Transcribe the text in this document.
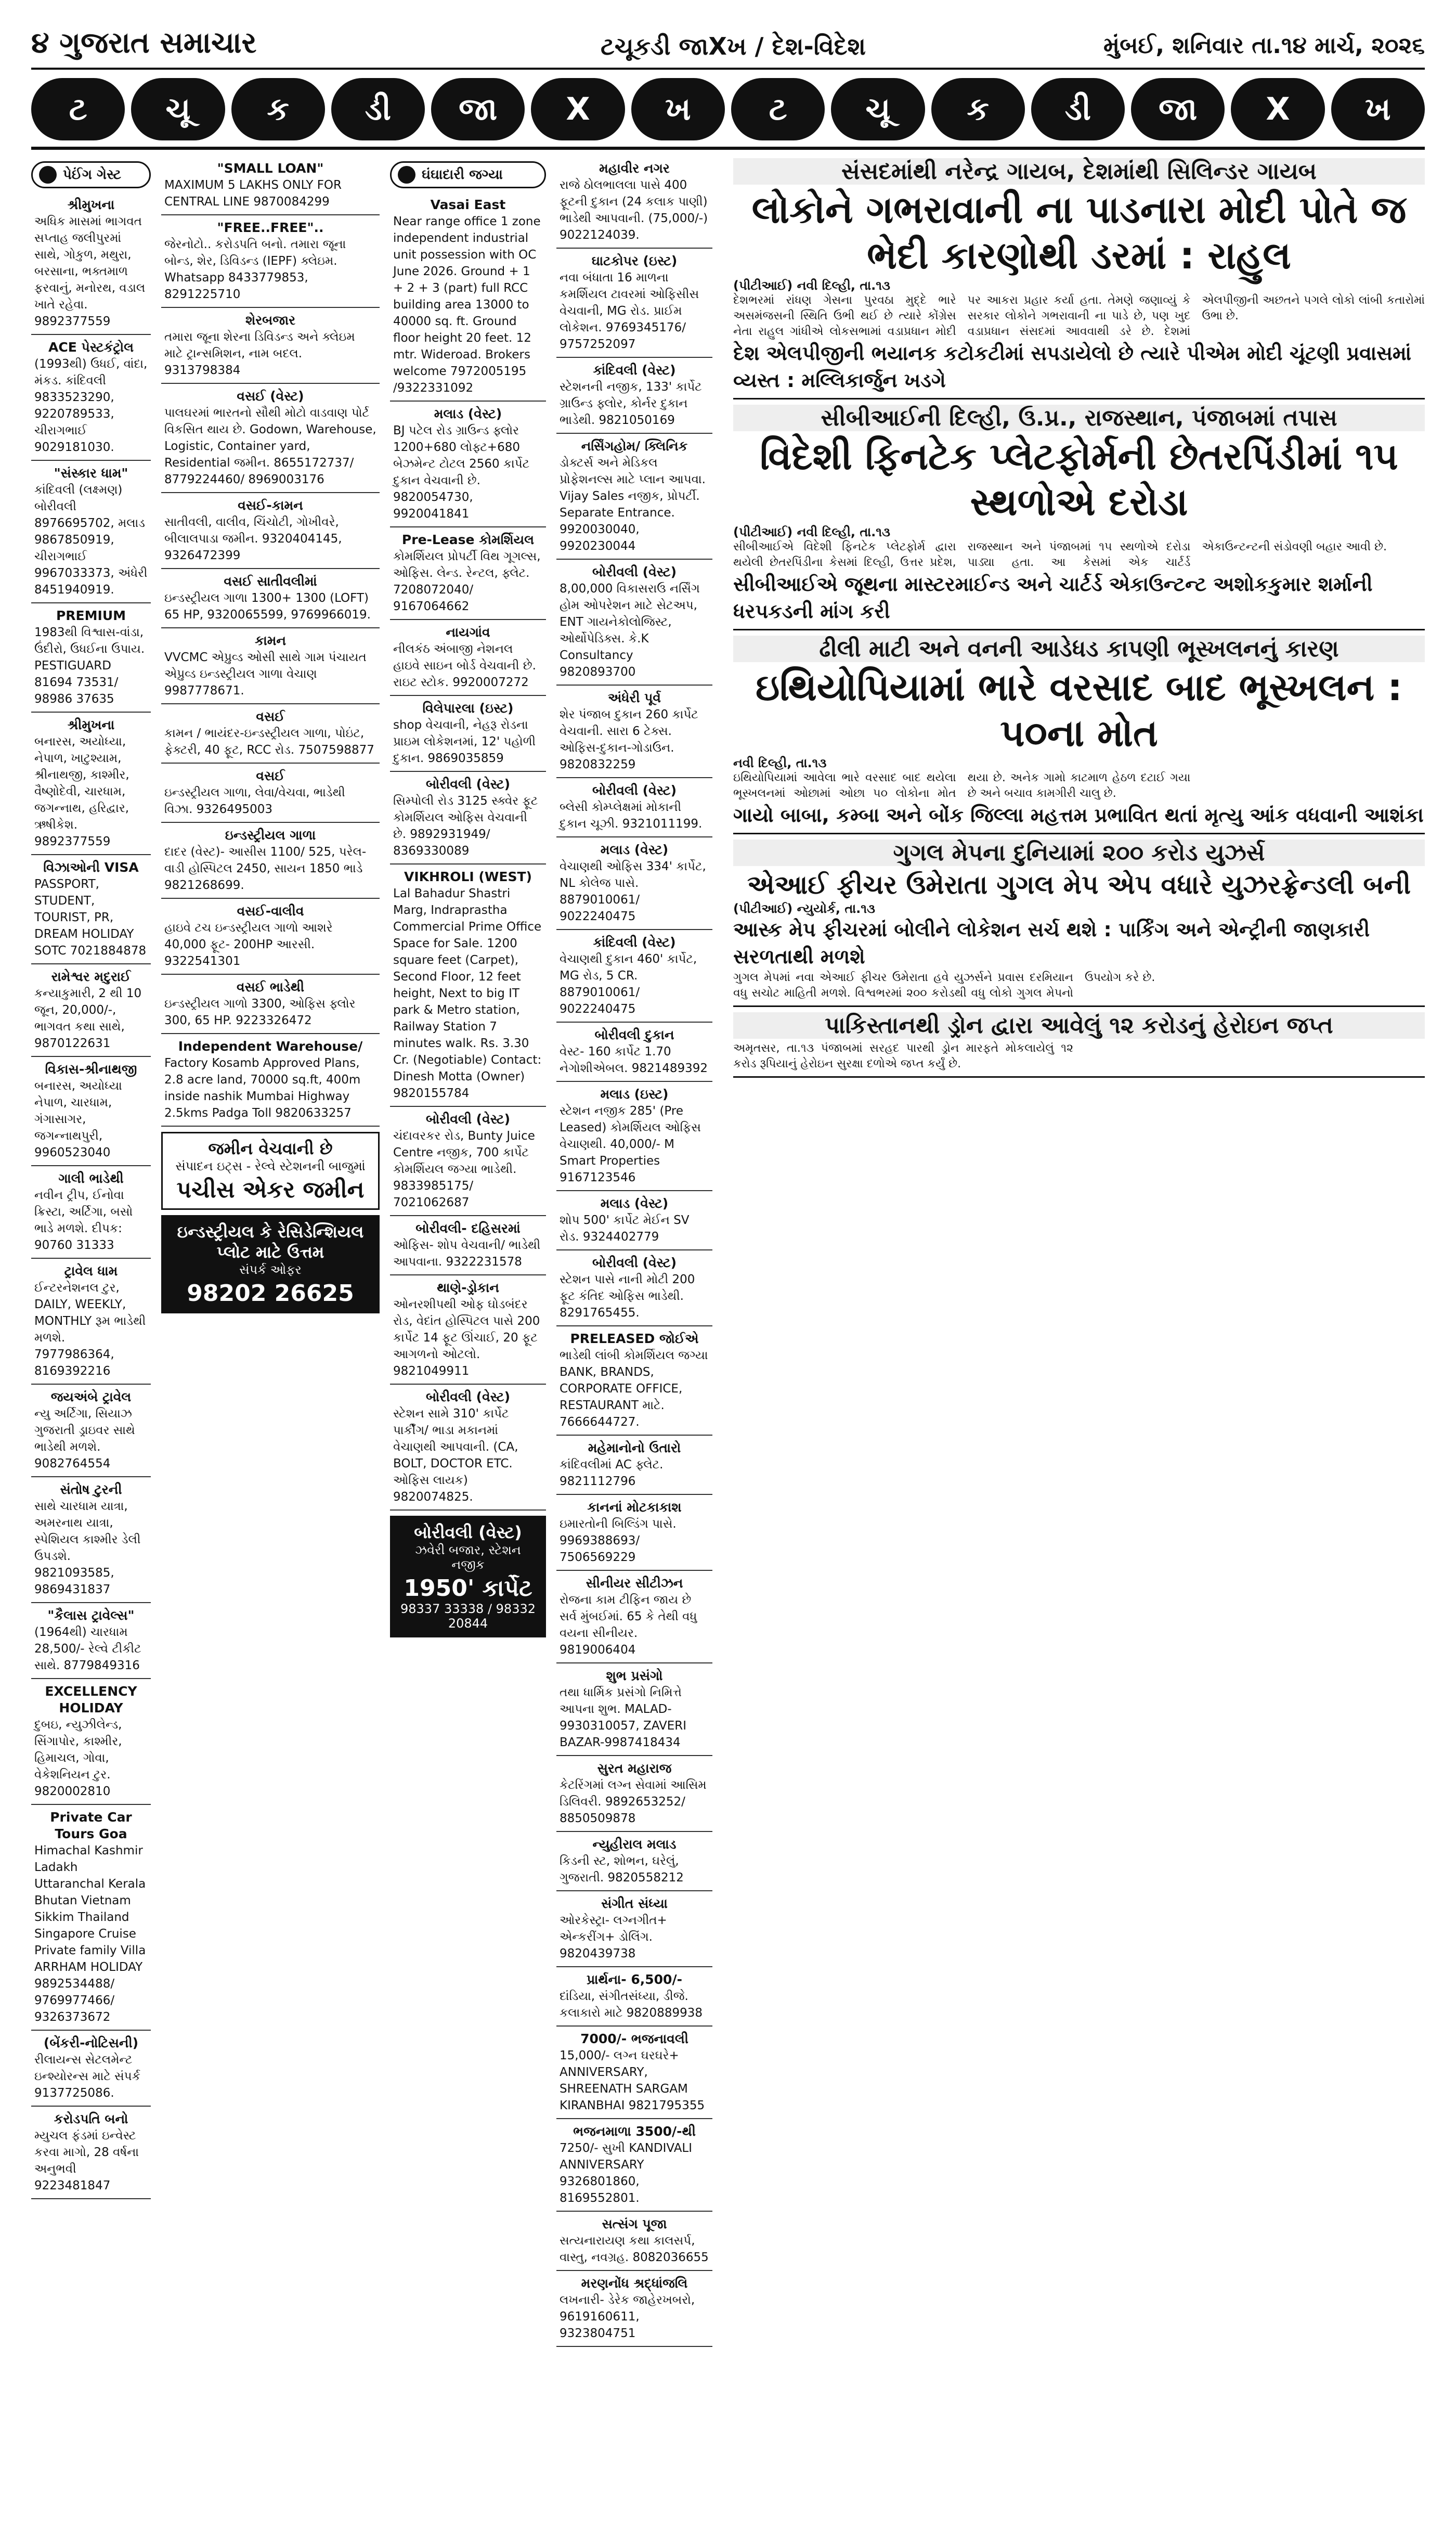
૪ ગુજરાત સમાચાર	ટચૂકડી જાXખ / દેશ-વિદેશ	મુંબઈ, શનિવાર તા.૧૪ માર્ચ, ૨૦૨૬
ટ	ચૂ	ક	ડી	જા	X	ખ	ટ	ચૂ	ક	ડી	જા	X	ખ
પેઈંગ ગેસ્ટ
શ્રીમુખના
અધિક માસમાં ભાગવત સપ્તાહ જલીપુરમાં સાથે, ગોકુળ, મથુરા, બરસાના, ભક્તમાળ ફરવાનું, મનોરથ, વડાલ ખાતે રહેવા. 9892377559
ACE પેસ્ટકંટ્રોલ
(1993થી) ઉધઈ, વાંદા, મંકડ. કાંદિવલી 9833523290, 9220789533, ચીરાગભાઈ 9029181030.
"સંસ્કાર ધામ"
કાંદિવલી (લક્ષ્મણ) બોરીવલી 8976695702, મલાડ 9867850919, ચીરાગભાઈ 9967033373, અંધેરી 8451940919.
PREMIUM
1983થી વિશ્વાસ-વાંડા, ઉંદીરો, ઉધઈના ઉપાય. PESTIGUARD 81694 73531/ 98986 37635
શ્રીમુખના
બનારસ, અયોધ્યા, નેપાળ, ખાટુશ્યામ, શ્રીનાથજી, કાશ્મીર, વૈષ્ણોદેવી, ચારધામ, જગન્નાથ, હરિદ્વાર, ઋષીકેશ. 9892377559
વિઝાઓની VISA
PASSPORT, STUDENT, TOURIST, PR, DREAM HOLIDAY SOTC 7021884878
રામેશ્વર મદુરાઈ
કન્યાકુમારી, 2 થી 10 જૂન, 20,000/-, ભાગવત કથા સાથે, 9870122631
વિકાસ-શ્રીનાથજી
બનારસ, અયોધ્યા નેપાળ, ચારધામ, ગંગાસાગર, જગન્નાથપુરી, 9960523040
ગાલી ભાડેથી
નવીન ટ્રીપ, ઈનોવા ક્રિસ્ટા, અર્ટિગા, બસો ભાડે મળશે. દીપક: 90760 31333
ટ્રાવેલ ધામ
ઈન્ટરનેશનલ ટુર, DAILY, WEEKLY, MONTHLY રૂમ ભાડેથી મળશે. 7977986364, 8169392216
જયઅંબે ટ્રાવેલ
ન્યુ અર્ટિગા, સિયાઝ ગુજરાતી ડ્રાઇવર સાથે ભાડેથી મળશે. 9082764554
સંતોષ ટુરની
સાથે ચારધામ યાત્રા, અમરનાથ યાત્રા, સ્પેશિયલ કાશ્મીર ડેલી ઉપડશે. 9821093585, 9869431837
"કૈલાસ ટ્રાવેલ્સ"
(1964થી) ચારધામ 28,500/- રેલ્વે ટીકીટ સાથે. 8779849316
EXCELLENCY HOLIDAY
દુબઇ, ન્યુઝીલેન્ડ, સિંગાપોર, કાશ્મીર, હિમાચલ, ગોવા, વેકેશનિયન ટુર. 9820002810
Private Car Tours Goa
Himachal Kashmir Ladakh Uttaranchal Kerala Bhutan Vietnam Sikkim Thailand Singapore Cruise Private family Villa ARRHAM HOLIDAY 9892534488/ 9769977466/ 9326373672
(બેંકરી-નોટિસની)
રીલાયન્સ સેટલમેન્ટ ઇન્શ્યોરન્સ માટે સંપર્ક 9137725086.
કરોડપતિ બનો
મ્યુચલ ફંડમાં ઇન્વેસ્ટ કરવા માગો, 28 વર્ષના અનુભવી 9223481847
"SMALL LOAN"
MAXIMUM 5 LAKHS ONLY FOR CENTRAL LINE 9870084299
"FREE..FREE"..
જેરનોટો.. કરોડપતિ બનો. તમારા જૂના બોન્ડ, શેર, ડિવિડન્ડ (IEPF) ક્લેઇમ. Whatsapp 8433779853, 8291225710
શેરબજાર
તમારા જૂના શેરના ડિવિડન્ડ અને ક્લેઇમ માટે ટ્રાન્સમિશન, નામ બદલ. 9313798384
વસઈ (વેસ્ટ)
પાલઘરમાં ભારતનો સૌથી મોટો વાડવાણ પોર્ટ વિકસિત થાય છે. Godown, Warehouse, Logistic, Container yard, Residential જમીન. 8655172737/ 8779224460/ 8969003176
વસઈ-કામન
સાતીવલી, વાલીવ, ચિંચોટી, ગોખીવરે, બીલાલપાડા જમીન. 9320404145, 9326472399
વસઈ સાતીવલીમાં
ઇન્ડસ્ટ્રીયલ ગાળા 1300+ 1300 (LOFT) 65 HP, 9320065599, 9769966019.
કામન
VVCMC એપ્રુવ્ડ ઓસી સાથે ગામ પંચાયત એપ્રુવ્ડ ઇન્ડસ્ટ્રીયલ ગાળા વેચાણ 9987778671.
વસઈ
કામન / ભાયંદર-ઇન્ડસ્ટ્રીયલ ગાળા, પોઇંટ, ફેક્ટરી, 40 ફૂટ, RCC રોડ. 7507598877
વસઈ
ઇન્ડસ્ટ્રીયલ ગાળા, લેવા/વેચવા, ભાડેથી વિઝા. 9326495003
ઇન્ડસ્ટ્રીયલ ગાળા
દાદર (વેસ્ટ)- આસીસ 1100/ 525, પરેલ- વાડી હોસ્પિટલ 2450, સાયન 1850 ભાડે 9821268699.
વસઈ-વાલીવ
હાઇવે ટચ ઇન્ડસ્ટ્રીયલ ગાળો આશરે 40,000 ફૂટ- 200HP આરસી. 9322541301
વસઈ ભાડેથી
ઇન્ડસ્ટ્રીયલ ગાળો 3300, ઓફિસ ફ્લોર 300, 65 HP. 9223326472
Independent Warehouse/
Factory Kosamb Approved Plans, 2.8 acre land, 70000 sq.ft, 400m inside nashik Mumbai Highway 2.5kms Padga Toll 9820633257
જમીન વેચવાની છે
સંપાદન ઇટ્સ - રેલ્વે સ્ટેશનની બાજુમાં
પચીસ એકર જમીન
ઇન્ડસ્ટ્રીયલ કે રેસિડેન્શિયલ પ્લોટ માટે ઉત્તમ
સંપર્ક ઓફર
98202 26625
ઘંઘાદારી જગ્યા
Vasai East
Near range office 1 zone independent industrial unit possession with OC June 2026. Ground + 1 + 2 + 3 (part) full RCC building area 13000 to 40000 sq. ft. Ground floor height 20 feet. 12 mtr. Wideroad. Brokers welcome 7972005195 /9322331092
મલાડ (વેસ્ટ)
BJ પટેલ રોડ ગ્રાઉન્ડ ફ્લોર 1200+680 લોફ્ટ+680 બેઝમેન્ટ ટોટલ 2560 કાર્પેટ દુકાન વેચવાની છે. 9820054730, 9920041841
Pre-Lease કોમર્શિયલ
કોમર્શિયલ પ્રોપર્ટી વિથ ગૂગલ્સ, ઓફિસ. લેન્ડ. રેન્ટલ, ફ્લેટ. 7208072040/ 9167064662
નાયગાંવ
નીલકંઠ અંબાજી નેશનલ હાઇવે સાઇન બોર્ડ વેચવાની છે. રાઇટ સ્ટોક. 9920007272
વિલેપારલા (ઇસ્ટ)
shop વેચવાની, નેહરૂ રોડના પ્રાઇમ લોકેશનમાં, 12' પહોળી દુકાન. 9869035859
બોરીવલી (વેસ્ટ)
સિમ્પોલી રોડ 3125 સ્ક્વેર ફૂટ કોમર્શિયલ ઓફિસ વેચવાની છે. 9892931949/ 8369330089
VIKHROLI (WEST)
Lal Bahadur Shastri Marg, Indraprastha Commercial Prime Office Space for Sale. 1200 square feet (Carpet), Second Floor, 12 feet height, Next to big IT park & Metro station, Railway Station 7 minutes walk. Rs. 3.30 Cr. (Negotiable) Contact: Dinesh Motta (Owner) 9820155784
બોરીવલી (વેસ્ટ)
ચંદાવરકર રોડ, Bunty Juice Centre નજીક, 700 કાર્પેટ કોમર્શિયલ જગ્યા ભાડેથી. 9833985175/ 7021062687
બોરીવલી- દહિસરમાં
ઓફિસ- શોપ વેચવાની/ ભાડેથી આપવાના. 9322231578
થાણે-ડ્રોકાન
ઓનરશીપથી ઓફ ઘોડબંદર રોડ, વેદાંત હોસ્પિટલ પાસે 200 કાર્પેટ 14 ફૂટ ઊંચાઈ, 20 ફૂટ આગળનો ઓટલો. 9821049911
બોરીવલી (વેસ્ટ)
સ્ટેશન સામે 310' કાર્પેટ પાર્કીંગ/ ભાડા મકાનમાં વેચાણથી આપવાની. (CA, BOLT, DOCTOR ETC. ઓફિસ લાયક) 9820074825.
બોરીવલી (વેસ્ટ)
ઝવેરી બજાર, સ્ટેશન નજીક
1950' કાર્પેટ
98337 33338 / 98332 20844
મહાવીર નગર
રાજે ઠોલભાલલા પાસે 400 ફૂટની દુકાન (24 કલાક પાણી) ભાડેથી આપવાની. (75,000/-) 9022124039.
ઘાટકોપર (ઇસ્ટ)
નવા બંધાતા 16 માળના કમર્શિયલ ટાવરમાં ઓફિસીસ વેચવાની, MG રોડ. પ્રાઈમ લોકેશન. 9769345176/ 9757252097
કાંદિવલી (વેસ્ટ)
સ્ટેશનની નજીક, 133' કાર્પેટ ગ્રાઉન્ડ ફ્લોર, કોર્નર દુકાન ભાડેથી. 9821050169
નર્સિંગહોમ/ ક્લિનિક
ડોક્ટર્સ અને મેડિકલ પ્રોફેશનલ્સ માટે પ્લાન આપવા. Vijay Sales નજીક, પ્રોપર્ટી. Separate Entrance. 9920030040, 9920230044
બોરીવલી (વેસ્ટ)
8,00,000 વિકાસરાઉ નર્સિંગ હોમ ઓપરેશન માટે સેટઅપ, ENT ગાયનેકોલોજિસ્ટ, ઓર્થોપેડિક્સ. કે.K Consultancy 9820893700
અંધેરી પૂર્વ
શેર પંજાબ દુકાન 260 કાર્પેટ વેચવાની. સારા 6 ટેક્સ. ઓફિસ-દુકાન-ગોડાઉન. 9820832259
બોરીવલી (વેસ્ટ)
બ્લેસી કોમ્પ્લેક્ષમાં મોકાની દુકાન ચૂઝી. 9321011199.
મલાડ (વેસ્ટ)
વેચાણથી ઓફિસ 334' કાર્પેટ, NL કોલેજ પાસે. 8879010061/ 9022240475
કાંદિવલી (વેસ્ટ)
વેચાણથી દુકાન 460' કાર્પેટ, MG રોડ, 5 CR. 8879010061/ 9022240475
બોરીવલી દુકાન
વેસ્ટ- 160 કાર્પેટ 1.70 નેગોશીએબલ. 9821489392
મલાડ (ઇસ્ટ)
સ્ટેશન નજીક 285' (Pre Leased) કોમર્શિયલ ઓફિસ વેચાણથી. 40,000/- M Smart Properties 9167123546
મલાડ (વેસ્ટ)
શોપ 500' કાર્પેટ મેઈન SV રોડ. 9324402779
બોરીવલી (વેસ્ટ)
સ્ટેશન પાસે નાની મોટી 200 ફૂટ કંતિદ ઓફિસ ભાડેથી. 8291765455.
PRELEASED જોઈએ
ભાડેથી લાંબી કોમર્શિયલ જગ્યા BANK, BRANDS, CORPORATE OFFICE, RESTAURANT માટે. 7666644727.
મહેમાનોનો ઉતારો
કાંદિવલીમાં AC ફ્લેટ. 9821112796
કાનનાં મોટકાકાશ
ઇમારતોની બિલ્ડિંગ પાસે. 9969388693/ 7506569229
સીનીયર સીટીઝન
રોજના કામ ટીફિન જાય છે સર્વ મુંબઈમાં. 65 કે તેથી વધુ વયના સીનીયર. 9819006404
શુભ પ્રસંગો
તથા ધાર્મિક પ્રસંગો નિમિત્તે આપના શુભ. MALAD-9930310057, ZAVERI BAZAR-9987418434
સુરત મહારાજ
કેટરિંગમાં લગ્ન સેવામાં આસિમ ડિલિવરી. 9892653252/ 8850509878
ન્યુહીરાલ મલાડ
કિડની સ્ટ, શોભન, ઘરેલું, ગુજરાતી. 9820558212
સંગીત સંધ્યા
ઓરકેસ્ટ્રા- લગ્નગીત+ એન્કરીંગ+ ડોલિંગ. 9820439738
પ્રાર્થના- 6,500/-
દાંડિયા, સંગીતસંધ્યા, ડીજે. કલાકારો માટે 9820889938
7000/- ભજનાવલી
15,000/- લગ્ન ઘરઘરે+ ANNIVERSARY, SHREENATH SARGAM KIRANBHAI 9821795355
ભજનમાળા 3500/-થી
7250/- સુખી KANDIVALI ANNIVERSARY 9326801860, 8169552801.
સત્સંગ પૂજા
સત્યનારાયણ કથા કાલસર્પ, વાસ્તુ, નવગ્રહ. 8082036655
મરણનોંધ શ્રદ્ધાંજલિ
લખનારી- ડેરેક જાહેરખબરો, 9619160611, 9323804751
સંસદમાંથી નરેન્દ્ર ગાયબ, દેશમાંથી સિલિન્ડર ગાયબ
લોકોને ગભરાવાની ના પાડનારા મોદી પોતે જ ભેદી કારણોથી ડરમાં : રાહુલ
(પીટીઆઈ) નવી દિલ્હી, તા.૧૩
દેશભરમાં રાંધણ ગેસના પુરવઠા મુદ્દે ભારે અસમંજસની સ્થિતિ ઉભી થઈ છે ત્યારે કોંગ્રેસ નેતા રાહુલ ગાંધીએ લોકસભામાં વડાપ્રધાન મોદી પર આકરા પ્રહાર કર્યા હતા. તેમણે જણાવ્યું કે સરકાર લોકોને ગભરાવાની ના પાડે છે, પણ ખુદ વડાપ્રધાન સંસદમાં આવવાથી ડરે છે. દેશમાં એલપીજીની અછતને પગલે લોકો લાંબી કતારોમાં ઉભા છે.
દેશ એલપીજીની ભયાનક કટોકટીમાં સપડાયેલો છે ત્યારે પીએમ મોદી ચૂંટણી પ્રવાસમાં વ્યસ્ત : મલ્લિકાર્જુન ખડગે
સીબીઆઈની દિલ્હી, ઉ.પ્ર., રાજસ્થાન, પંજાબમાં તપાસ
વિદેશી ફિનટેક પ્લેટફોર્મની છેતરપિંડીમાં ૧૫ સ્થળોએ દરોડા
(પીટીઆઈ) નવી દિલ્હી, તા.૧૩
સીબીઆઈએ વિદેશી ફિનટેક પ્લેટફોર્મ દ્વારા થયેલી છેતરપિંડીના કેસમાં દિલ્હી, ઉત્તર પ્રદેશ, રાજસ્થાન અને પંજાબમાં ૧૫ સ્થળોએ દરોડા પાડ્યા હતા. આ કેસમાં એક ચાર્ટર્ડ એકાઉન્ટન્ટની સંડોવણી બહાર આવી છે.
સીબીઆઈએ જૂથના માસ્ટરમાઈન્ડ અને ચાર્ટર્ડ એકાઉન્ટન્ટ અશોકકુમાર શર્માની ધરપકડની માંગ કરી
ઢીલી માટી અને વનની આડેધડ કાપણી ભૂસ્ખલનનું કારણ
ઇથિયોપિયામાં ભારે વરસાદ બાદ ભૂસ્ખલન : ૫૦ના મોત
નવી દિલ્હી, તા.૧૩
ઇથિયોપિયામાં આવેલા ભારે વરસાદ બાદ થયેલા ભૂસ્ખલનમાં ઓછામાં ઓછા ૫૦ લોકોના મોત થયા છે. અનેક ગામો કાટમાળ હેઠળ દટાઈ ગયા છે અને બચાવ કામગીરી ચાલુ છે.
ગાયો બાબા, કમ્બા અને બોંક જિલ્લા મહત્તમ પ્રભાવિત થતાં મૃત્યુ આંક વધવાની આશંકા
ગુગલ મેપના દુનિયામાં ૨૦૦ કરોડ યુઝર્સ
એઆઈ ફીચર ઉમેરાતા ગુગલ મેપ એપ વધારે યુઝરફ્રેન્ડલી બની
(પીટીઆઈ) ન્યુયોર્ક, તા.૧૩
આસ્ક મેપ ફીચરમાં બોલીને લોકેશન સર્ચ થશે : પાર્કિંગ અને એન્ટ્રીની જાણકારી સરળતાથી મળશે
ગુગલ મેપમાં નવા એઆઈ ફીચર ઉમેરાતા હવે યુઝર્સને પ્રવાસ દરમિયાન વધુ સચોટ માહિતી મળશે. વિશ્વભરમાં ૨૦૦ કરોડથી વધુ લોકો ગુગલ મેપનો ઉપયોગ કરે છે.
પાકિસ્તાનથી ડ્રોન દ્વારા આવેલું ૧૨ કરોડનું હેરોઇન જપ્ત
અમૃતસર, તા.૧૩ પંજાબમાં સરહદ પારથી ડ્રોન મારફતે મોકલાયેલું ૧૨ કરોડ રૂપિયાનું હેરોઇન સુરક્ષા દળોએ જપ્ત કર્યું છે.
